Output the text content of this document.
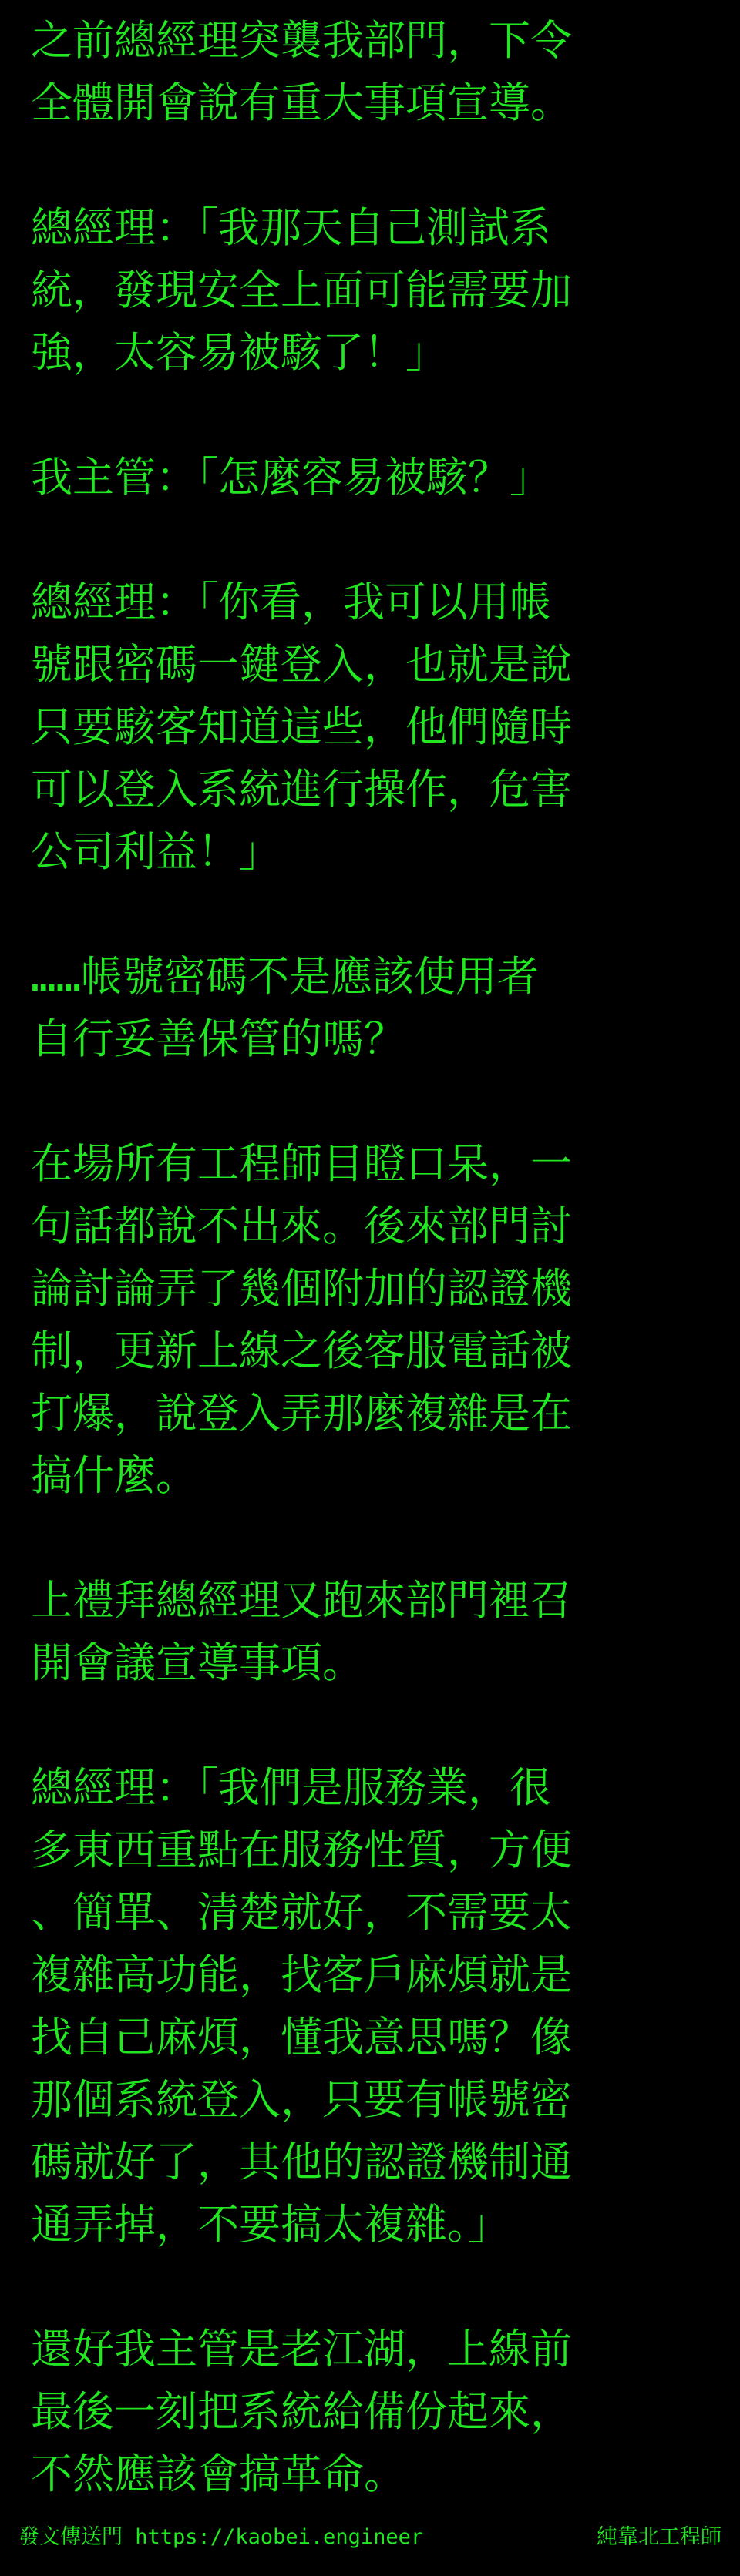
之前總經理突襲我部門，下令
全體開會說有重大事項宣導。
總經理：「我那天自己測試系
統，發現安全上面可能需要加
強，太容易被駭了！」
我主管：「怎麼容易被駭？」
總經理：「你看，我可以用帳
號跟密碼一鍵登入，也就是說
只要駭客知道這些，他們隨時
可以登入系統進行操作，危害
公司利益！」
……帳號密碼不是應該使用者
自行妥善保管的嗎？
在場所有工程師目瞪口呆，一
句話都說不出來。後來部門討
論討論弄了幾個附加的認證機
制，更新上線之後客服電話被
打爆，說登入弄那麼複雜是在
搞什麼。
上禮拜總經理又跑來部門裡召
開會議宣導事項。
總經理：「我們是服務業，很
多東西重點在服務性質，方便
、簡單、清楚就好，不需要太
複雜高功能，找客戶麻煩就是
找自己麻煩，懂我意思嗎？像
那個系統登入，只要有帳號密
碼就好了，其他的認證機制通
通弄掉，不要搞太複雜。」
還好我主管是老江湖，上線前
最後一刻把系統給備份起來，
不然應該會搞革命。
發文傳送門 https://kaobei.engineer	純靠北工程師
